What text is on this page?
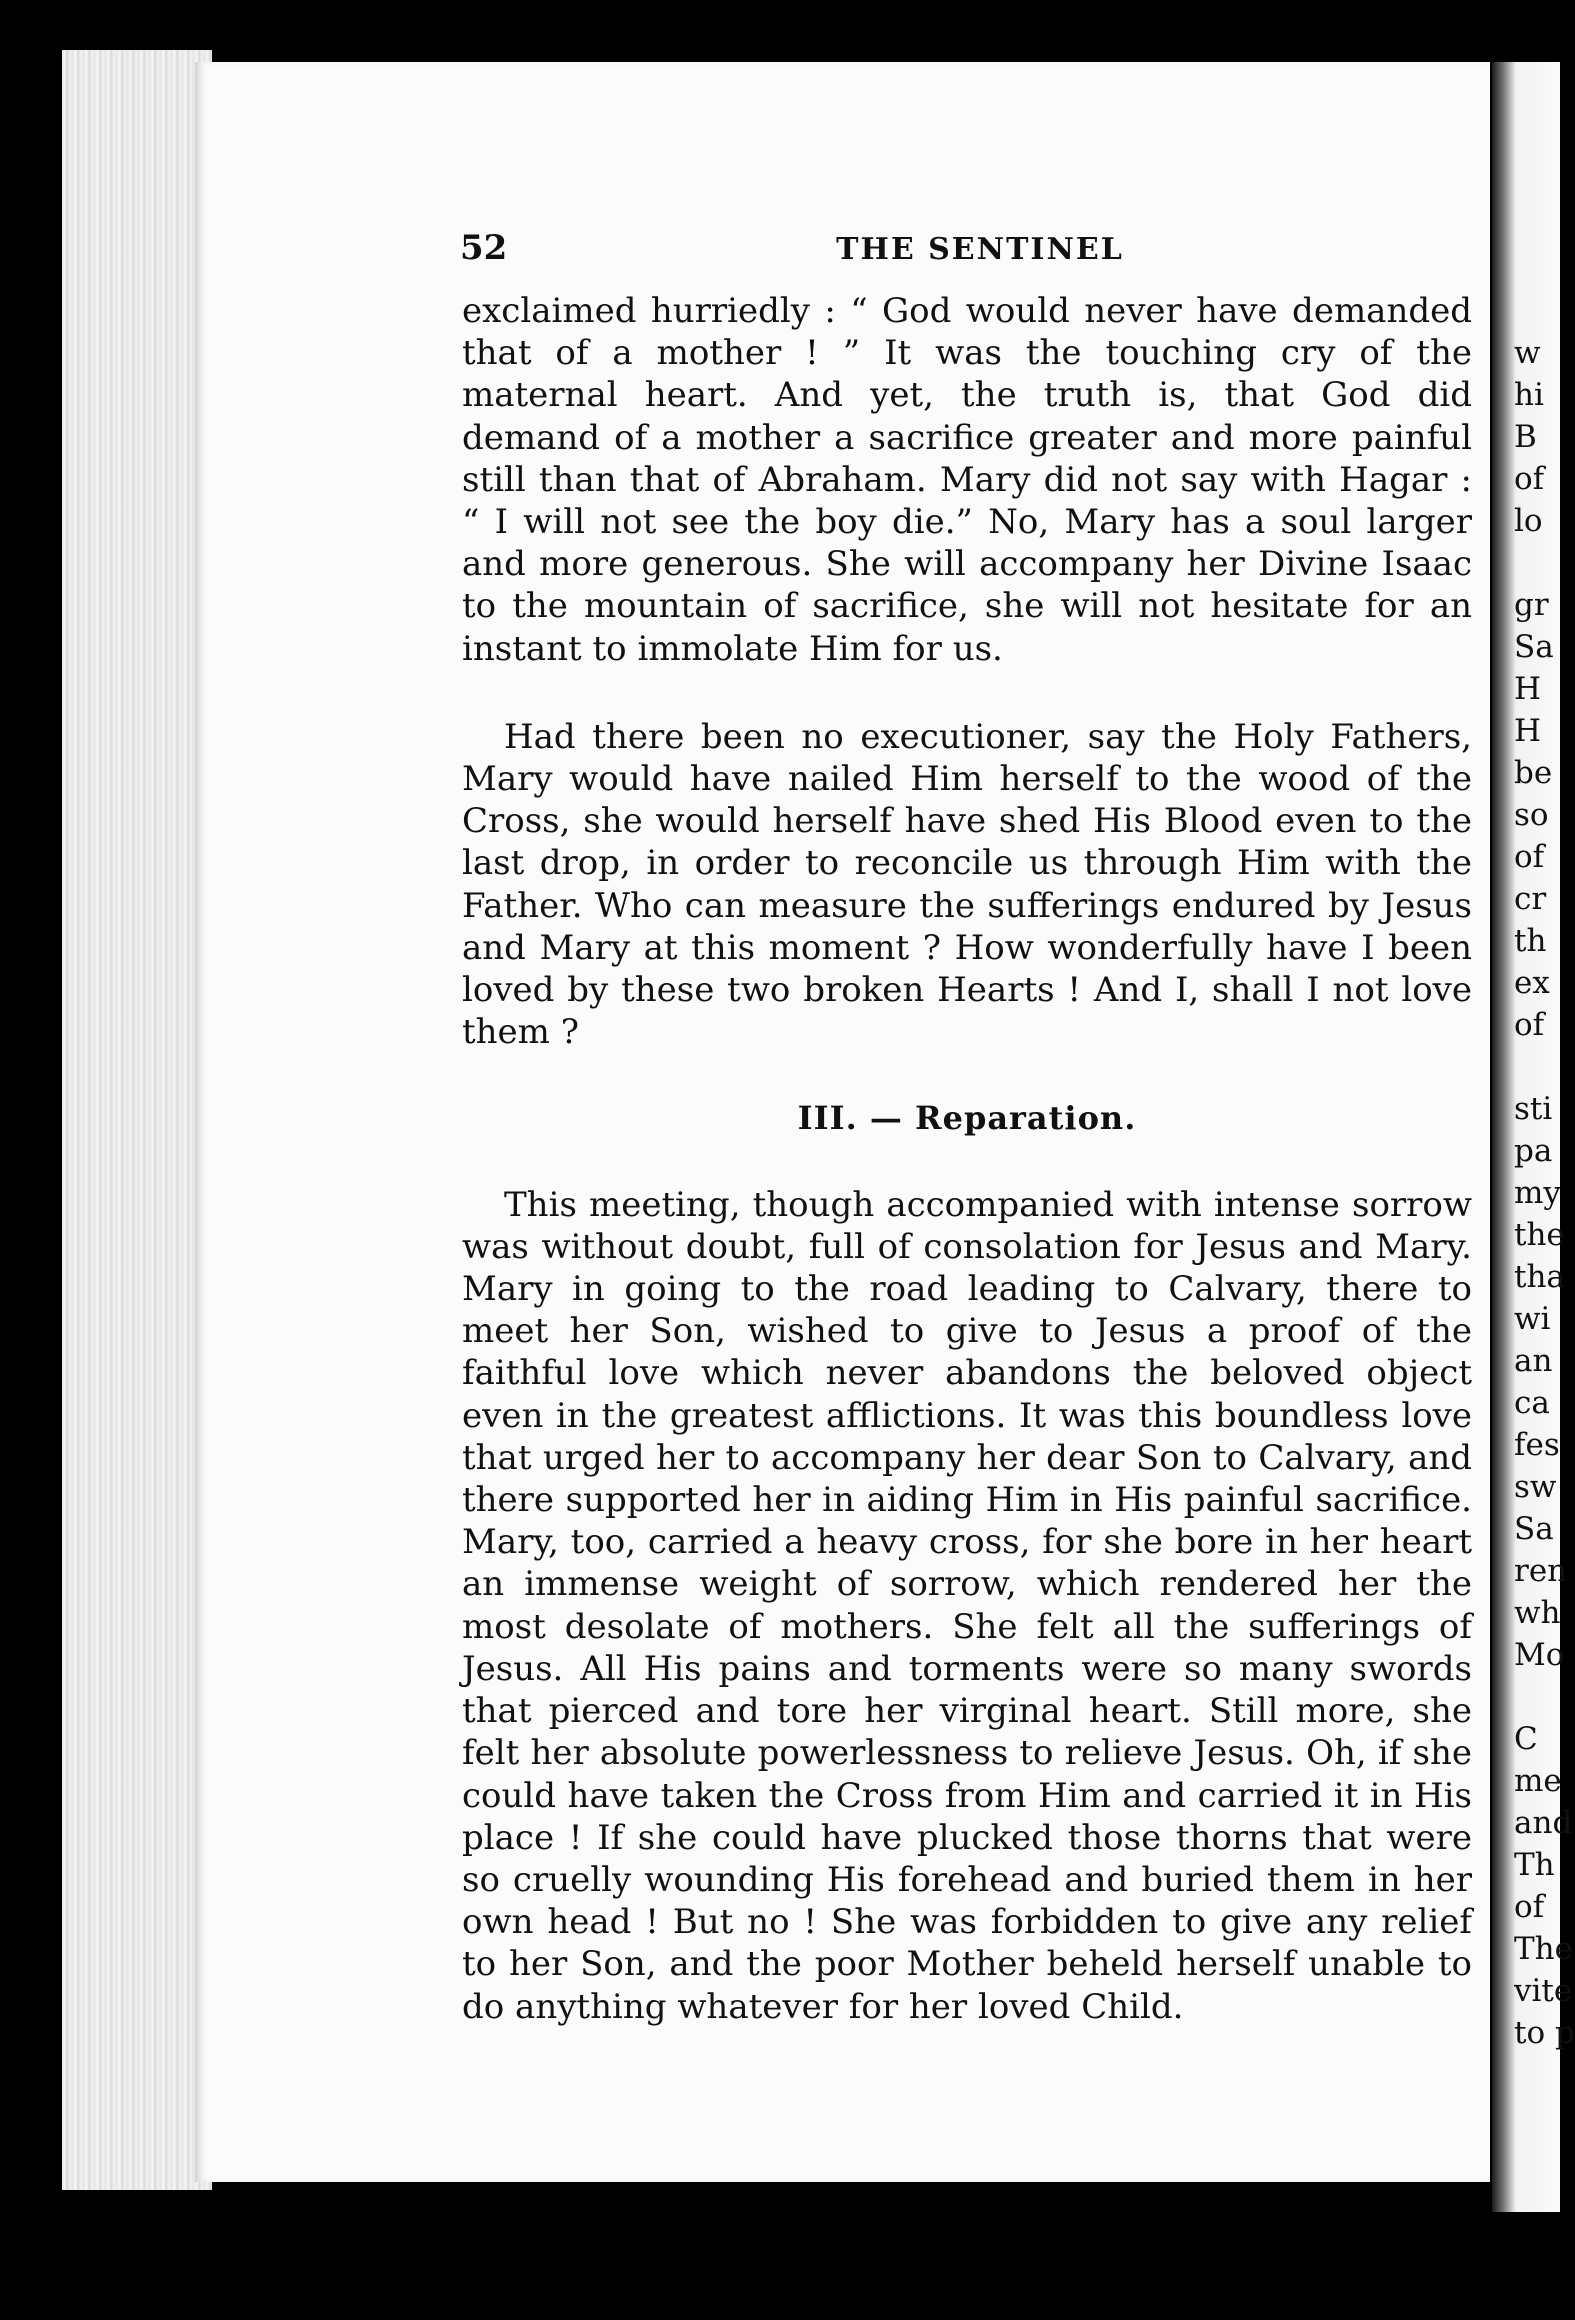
w
hi
B
of
lo

gr
Sa
H
H
be
so
of
cr
th
ex
of

sti
pa
my
the
tha
wi
an
ca
fes
sw
Sa
ren
wh
Mo

C
me
and
Th
of
The
vite
to p
52	THE SENTINEL

exclaimed hurriedly : “ God would never have demanded that of a mother ! ” It was the touching cry of the maternal heart. And yet, the truth is, that God did demand of a mother a sacrifice greater and more painful still than that of Abraham. Mary did not say with Hagar : “ I will not see the boy die.” No, Mary has a soul larger and more generous. She will accompany her Divine Isaac to the mountain of sacrifice, she will not hesitate for an instant to immolate Him for us.

Had there been no executioner, say the Holy Fathers, Mary would have nailed Him herself to the wood of the Cross, she would herself have shed His Blood even to the last drop, in order to reconcile us through Him with the Father. Who can measure the sufferings endured by Jesus and Mary at this moment ? How wonderfully have I been loved by these two broken Hearts ! And I, shall I not love them ?

III. — Reparation.

This meeting, though accompanied with intense sorrow was without doubt, full of consolation for Jesus and Mary. Mary in going to the road leading to Calvary, there to meet her Son, wished to give to Jesus a proof of the faithful love which never abandons the beloved object even in the greatest afflictions. It was this boundless love that urged her to accompany her dear Son to Calvary, and there supported her in aiding Him in His painful sacrifice. Mary, too, carried a heavy cross, for she bore in her heart an immense weight of sorrow, which rendered her the most desolate of mothers. She felt all the sufferings of Jesus. All His pains and torments were so many swords that pierced and tore her virginal heart. Still more, she felt her absolute powerlessness to relieve Jesus. Oh, if she could have taken the Cross from Him and carried it in His place ! If she could have plucked those thorns that were so cruelly wounding His forehead and buried them in her own head ! But no ! She was forbidden to give any relief to her Son, and the poor Mother beheld herself unable to do anything whatever for her loved Child.
